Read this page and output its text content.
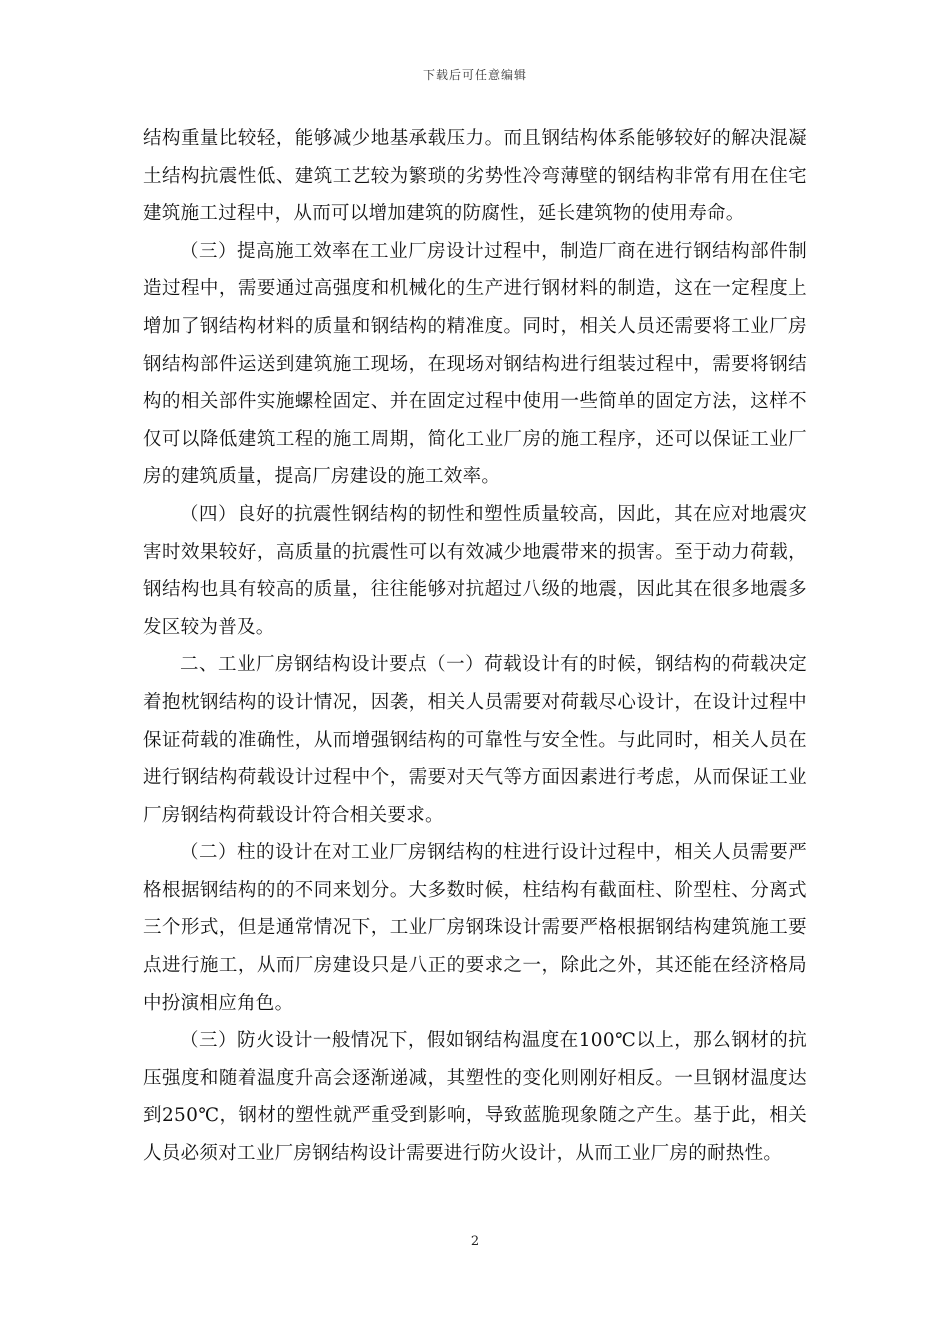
下载后可任意编辑

结构重量比较轻，能够减少地基承载压力。而且钢结构体系能够较好的解决混凝土结构抗震性低、建筑工艺较为繁琐的劣势性冷弯薄壁的钢结构非常有用在住宅建筑施工过程中，从而可以增加建筑的防腐性，延长建筑物的使用寿命。

（三）提高施工效率在工业厂房设计过程中，制造厂商在进行钢结构部件制造过程中，需要通过高强度和机械化的生产进行钢材料的制造，这在一定程度上增加了钢结构材料的质量和钢结构的精准度。同时，相关人员还需要将工业厂房钢结构部件运送到建筑施工现场，在现场对钢结构进行组装过程中，需要将钢结构的相关部件实施螺栓固定、并在固定过程中使用一些简单的固定方法，这样不仅可以降低建筑工程的施工周期，简化工业厂房的施工程序，还可以保证工业厂房的建筑质量，提高厂房建设的施工效率。

（四）良好的抗震性钢结构的韧性和塑性质量较高，因此，其在应对地震灾害时效果较好，高质量的抗震性可以有效减少地震带来的损害。至于动力荷载，钢结构也具有较高的质量，往往能够对抗超过八级的地震，因此其在很多地震多发区较为普及。

二、工业厂房钢结构设计要点（一）荷载设计有的时候，钢结构的荷载决定着抱枕钢结构的设计情况，因袭，相关人员需要对荷载尽心设计，在设计过程中保证荷载的准确性，从而增强钢结构的可靠性与安全性。与此同时，相关人员在进行钢结构荷载设计过程中个，需要对天气等方面因素进行考虑，从而保证工业厂房钢结构荷载设计符合相关要求。

（二）柱的设计在对工业厂房钢结构的柱进行设计过程中，相关人员需要严格根据钢结构的的不同来划分。大多数时候，柱结构有截面柱、阶型柱、分离式三个形式，但是通常情况下，工业厂房钢珠设计需要严格根据钢结构建筑施工要点进行施工，从而厂房建设只是八正的要求之一，除此之外，其还能在经济格局中扮演相应角色。

（三）防火设计一般情况下，假如钢结构温度在100℃以上，那么钢材的抗压强度和随着温度升高会逐渐递减，其塑性的变化则刚好相反。一旦钢材温度达到250℃，钢材的塑性就严重受到影响，导致蓝脆现象随之产生。基于此，相关人员必须对工业厂房钢结构设计需要进行防火设计，从而工业厂房的耐热性。

2
